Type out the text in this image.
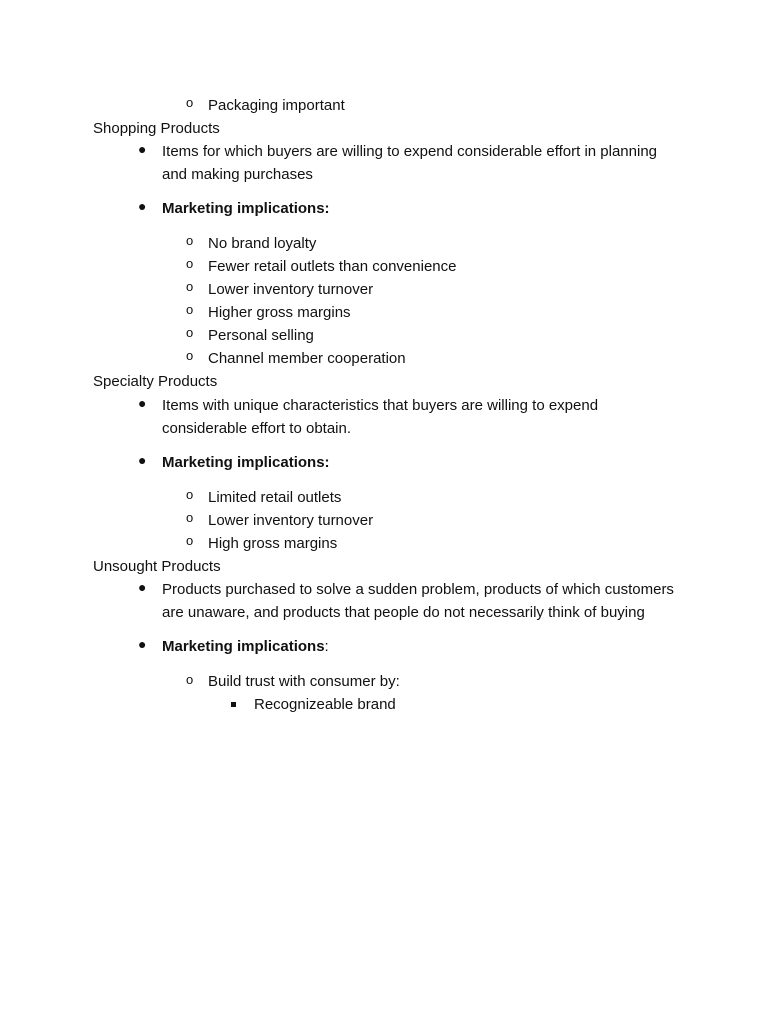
o Packaging important
Shopping Products
● Items for which buyers are willing to expend considerable effort in planning
and making purchases
● Marketing implications:
o No brand loyalty
o Fewer retail outlets than convenience
o Lower inventory turnover
o Higher gross margins
o Personal selling
o Channel member cooperation
Specialty Products
● Items with unique characteristics that buyers are willing to expend
considerable effort to obtain.
● Marketing implications:
o Limited retail outlets
o Lower inventory turnover
o High gross margins
Unsought Products
● Products purchased to solve a sudden problem, products of which customers
are unaware, and products that people do not necessarily think of buying
● Marketing implications:
o Build trust with consumer by:
Recognizeable brand
